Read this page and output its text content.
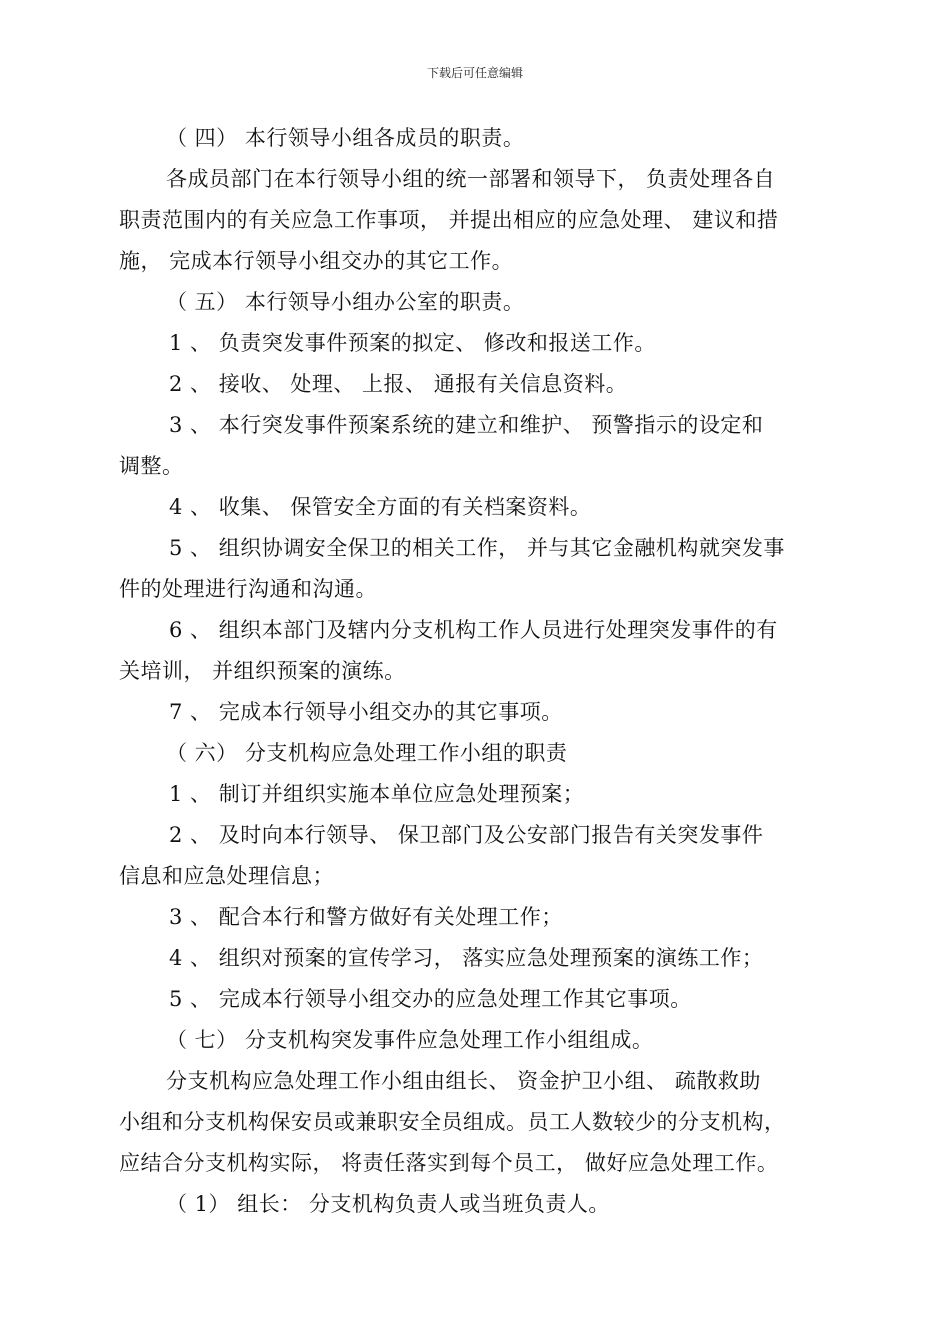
下载后可任意编辑
（ 四） 本行领导小组各成员的职责。
各成员部门在本行领导小组的统一部署和领导下， 负责处理各自
职责范围内的有关应急工作事项， 并提出相应的应急处理、 建议和措
施， 完成本行领导小组交办的其它工作。
（ 五） 本行领导小组办公室的职责。
1 、 负责突发事件预案的拟定、 修改和报送工作。
2 、 接收、 处理、 上报、 通报有关信息资料。
3 、 本行突发事件预案系统的建立和维护、 预警指示的设定和
调整。
4 、 收集、 保管安全方面的有关档案资料。
5 、 组织协调安全保卫的相关工作， 并与其它金融机构就突发事
件的处理进行沟通和沟通。
6 、 组织本部门及辖内分支机构工作人员进行处理突发事件的有
关培训， 并组织预案的演练。
7 、 完成本行领导小组交办的其它事项。
（ 六） 分支机构应急处理工作小组的职责
1 、 制订并组织实施本单位应急处理预案；
2 、 及时向本行领导、 保卫部门及公安部门报告有关突发事件
信息和应急处理信息；
3 、 配合本行和警方做好有关处理工作；
4 、 组织对预案的宣传学习， 落实应急处理预案的演练工作；
5 、 完成本行领导小组交办的应急处理工作其它事项。
（ 七） 分支机构突发事件应急处理工作小组组成。
分支机构应急处理工作小组由组长、 资金护卫小组、 疏散救助
小组和分支机构保安员或兼职安全员组成。员工人数较少的分支机构，
应结合分支机构实际， 将责任落实到每个员工， 做好应急处理工作。
（ 1） 组长： 分支机构负责人或当班负责人。
